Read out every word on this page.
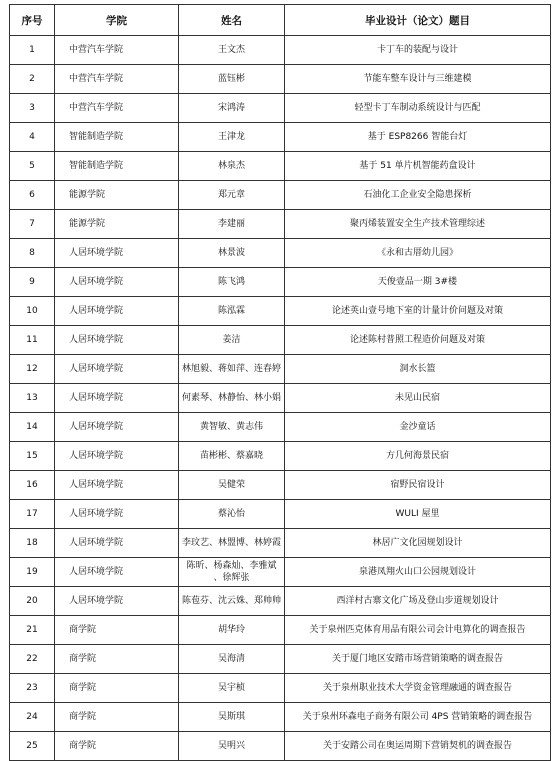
序号	学院	姓名	毕业设计（论文）题目
1	中营汽车学院	王文杰	卡丁车的装配与设计
2	中营汽车学院	蓝钰彬	节能车整车设计与三维建模
3	中营汽车学院	宋鸿涛	轻型卡丁车制动系统设计与匹配
4	智能制造学院	王津龙	基于 ESP8266 智能台灯
5	智能制造学院	林泉杰	基于 51 单片机智能药盒设计
6	能源学院	郑元章	石油化工企业安全隐患探析
7	能源学院	李建丽	聚丙烯装置安全生产技术管理综述
8	人居环境学院	林景波	《永和古厝幼儿园》
9	人居环境学院	陈飞鸿	天俊壹品一期 3#楼
10	人居环境学院	陈泓霖	论述英山壹号地下室的计量计价问题及对策
11	人居环境学院	姜洁	论述陈村普照工程造价问题及对策
12	人居环境学院	林旭毅、蒋如萍、连春婷	洞水长篮
13	人居环境学院	何素琴、林静怡、林小娟	未见山民宿
14	人居环境学院	黄智敏、黄志伟	金沙童话
15	人居环境学院	苗彬彬、蔡嘉晓	方几何海景民宿
16	人居环境学院	吴健荣	宿野民宿设计
17	人居环境学院	蔡沁怡	WULI 屋里
18	人居环境学院	李玟艺、林盟博、林婷霞	林居广文化园规划设计
19	人居环境学院	陈昕、杨森灿、李雅斌 、徐辉张	泉港凤翔火山口公园规划设计
20	人居环境学院	陈苞芬、沈云姝、郑帅帅	西洋村古寨文化广场及登山步道规划设计
21	商学院	胡华玲	关于泉州匹克体育用品有限公司会计电算化的调查报告
22	商学院	吴海清	关于厦门地区安踏市场营销策略的调查报告
23	商学院	吴宇桢	关于泉州职业技术大学资金管理融通的调查报告
24	商学院	吴斯琪	关于泉州环森电子商务有限公司 4PS 营销策略的调查报告
25	商学院	吴明兴	关于安踏公司在奥运周期下营销契机的调查报告
